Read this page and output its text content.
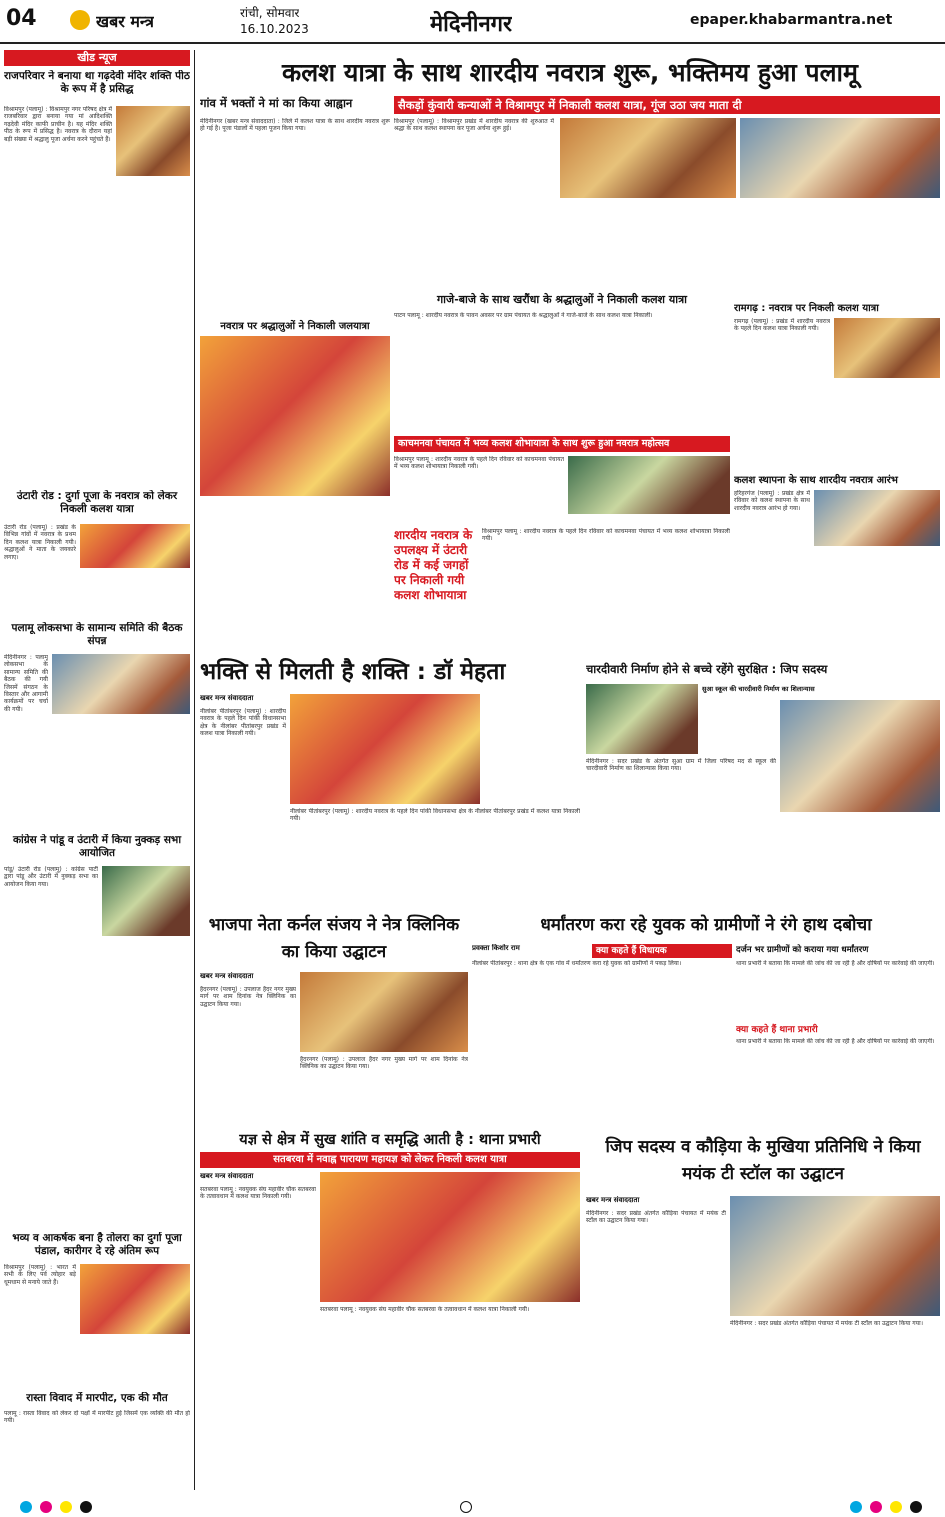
04	खबर मन्त्र	रांची, सोमवार
16.10.2023	मेदिनीनगर	epaper.khabarmantra.net
खीड न्यूज
राजपरिवार ने बनाया था गढ़देवी मंदिर शक्ति पीठ के रूप में है प्रसिद्ध
विश्रामपुर (पलामू) : विश्रामपुर नगर परिषद क्षेत्र में राजबरिवार द्वारा बनाया गया मां आदिशक्ति गढ़देवी मंदिर काफी प्राचीन है। यह मंदिर शक्ति पीठ के रूप में प्रसिद्ध है। नवरात्र के दौरान यहां बड़ी संख्या में श्रद्धालु पूजा अर्चना करने पहुंचते हैं।
उंटारी रोड : दुर्गा पूजा के नवरात्र को लेकर निकली कलश यात्रा
उंटारी रोड (पलामू) : प्रखंड के विभिन्न गांवों में नवरात्र के प्रथम दिन कलश यात्रा निकाली गयी। श्रद्धालुओं ने माता के जयकारे लगाए।
पलामू लोकसभा के सामान्य समिति की बैठक संपन्न
मेदिनीनगर : पलामू लोकसभा के सामान्य समिति की बैठक की गयी जिसमें संगठन के विस्तार और आगामी कार्यक्रमों पर चर्चा की गयी।
कांग्रेस ने पांडू व उंटारी में किया नुक्कड़ सभा आयोजित
पांडू/ उंटारी रोड (पलामू) : कांग्रेस पार्टी द्वारा पांडू और उंटारी में नुक्कड़ सभा का आयोजन किया गया।
भव्य व आकर्षक बना है तोलरा का दुर्गा पूजा पंडाल, कारीगर दे रहे अंतिम रूप
विश्रामपुर (पलामू) : भारत में सभी के लिए पर्व त्योहार बड़े धूमधाम से मनाये जाते हैं।
रास्ता विवाद में मारपीट, एक की मौत
पलामू : रास्ता विवाद को लेकर दो पक्षों में मारपीट हुई जिसमें एक व्यक्ति की मौत हो गयी।
कलश यात्रा के साथ शारदीय नवरात्र शुरू, भक्तिमय हुआ पलामू
गांव में भक्तों ने मां का किया आह्वान	सैकड़ों कुंवारी कन्याओं ने विश्रामपुर में निकाली कलश यात्रा, गूंज उठा जय माता दी
मेदिनीनगर (खबर मन्त्र संवाददाता) : जिले में कलश यात्रा के साथ शारदीय नवरात्र शुरू हो गई है। पूजा पंडालों में पहला पूजन किया गया।
विश्रामपुर (पलामू) : विश्रामपुर प्रखंड में शारदीय नवरात्र की शुरुआत में श्रद्धा के साथ कलश स्थापना कर पूजा अर्चना शुरू हुई।
नवरात्र पर श्रद्धालुओं ने निकाली जलयात्रा
गाजे-बाजे के साथ खरौंधा के श्रद्धालुओं ने निकाली कलश यात्रा
पाटन पलामू : शारदीय नवरात्र के पावन अवसर पर ग्राम पंचायत के श्रद्धालुओं ने गाजे-बाजे के साथ कलश यात्रा निकाली।
काचमनवा पंचायत में भव्य कलश शोभायात्रा के साथ शुरू हुआ नवरात्र महोत्सव
विश्रामपुर पलामू : शारदीय नवरात्र के पहले दिन रविवार को काचमनवा पंचायत में भव्य कलश शोभायात्रा निकाली गयी।
शारदीय नवरात्र के उपलक्ष्य में उंटारी रोड में कई जगहों पर निकाली गयी कलश शोभायात्रा
विश्रामपुर पलामू : शारदीय नवरात्र के पहले दिन रविवार को काचमनवा पंचायत में भव्य कलश शोभायात्रा निकाली गयी।
रामगढ़ : नवरात्र पर निकली कलश यात्रा
रामगढ़ (पलामू) : प्रखंड में शारदीय नवरात्र के पहले दिन कलश यात्रा निकाली गयी।
कलश स्थापना के साथ शारदीय नवरात्र आरंभ
हरिहरगंज (पलामू) : प्रखंड क्षेत्र में रविवार को कलश स्थापना के साथ शारदीय नवरात्र आरंभ हो गया।
भक्ति से मिलती है शक्ति : डॉ मेहता
खबर मन्त्र संवाददाता
नीलांबर पीतांबरपुर (पलामू) : शारदीय नवरात्र के पहले दिन पांकी विधानसभा क्षेत्र के नीलांबर पीतांबरपुर प्रखंड में कलश यात्रा निकाली गयी।
नीलांबर पीतांबरपुर (पलामू) : शारदीय नवरात्र के पहले दिन पांकी विधानसभा क्षेत्र के नीलांबर पीतांबरपुर प्रखंड में कलश यात्रा निकाली गयी।
चारदीवारी निर्माण होने से बच्चे रहेंगे सुरक्षित : जिप सदस्य
सुआ स्कूल की चारदीवारी निर्माण का शिलान्यास
मेदिनीनगर : सदर प्रखंड के अंतर्गत सुआ ग्राम में जिला परिषद मद से स्कूल की चारदीवारी निर्माण का शिलान्यास किया गया।
भाजपा नेता कर्नल संजय ने नेत्र क्लिनिक का किया उद्घाटन
खबर मन्त्र संवाददाता
हैदरनगर (पलामू) : उपलाज हैदर नगर मुख्य मार्ग पर शाम दिनांक नेत्र क्लिनिक का उद्घाटन किया गया।
हैदरनगर (पलामू) : उपलाज हैदर नगर मुख्य मार्ग पर शाम दिनांक नेत्र क्लिनिक का उद्घाटन किया गया।
धर्मांतरण करा रहे युवक को ग्रामीणों ने रंगे हाथ दबोचा
प्रवक्ता किशोर राम	क्या कहते हैं विधायक
नीलांबर पीतांबरपुर : थाना क्षेत्र के एक गांव में धर्मांतरण करा रहे युवक को ग्रामीणों ने पकड़ लिया।
दर्जन भर ग्रामीणों को कराया गया धर्मांतरण
थाना प्रभारी ने बताया कि मामले की जांच की जा रही है और दोषियों पर कार्रवाई की जाएगी।
क्या कहते हैं थाना प्रभारी
थाना प्रभारी ने बताया कि मामले की जांच की जा रही है और दोषियों पर कार्रवाई की जाएगी।
यज्ञ से क्षेत्र में सुख शांति व समृद्धि आती है : थाना प्रभारी
सतबरवा में नवाह्न पारायण महायज्ञ को लेकर निकली कलश यात्रा
खबर मन्त्र संवाददाता
सतबरवा पलामू : नवयुवक संघ महावीर चौक सतबरवा के तत्वावधान में कलश यात्रा निकाली गयी।
सतबरवा पलामू : नवयुवक संघ महावीर चौक सतबरवा के तत्वावधान में कलश यात्रा निकाली गयी।
जिप सदस्य व कौड़िया के मुखिया प्रतिनिधि ने किया मयंक टी स्टॉल का उद्घाटन
खबर मन्त्र संवाददाता
मेदिनीनगर : सदर प्रखंड अंतर्गत कौड़िया पंचायत में मयंक टी स्टॉल का उद्घाटन किया गया।
मेदिनीनगर : सदर प्रखंड अंतर्गत कौड़िया पंचायत में मयंक टी स्टॉल का उद्घाटन किया गया।
